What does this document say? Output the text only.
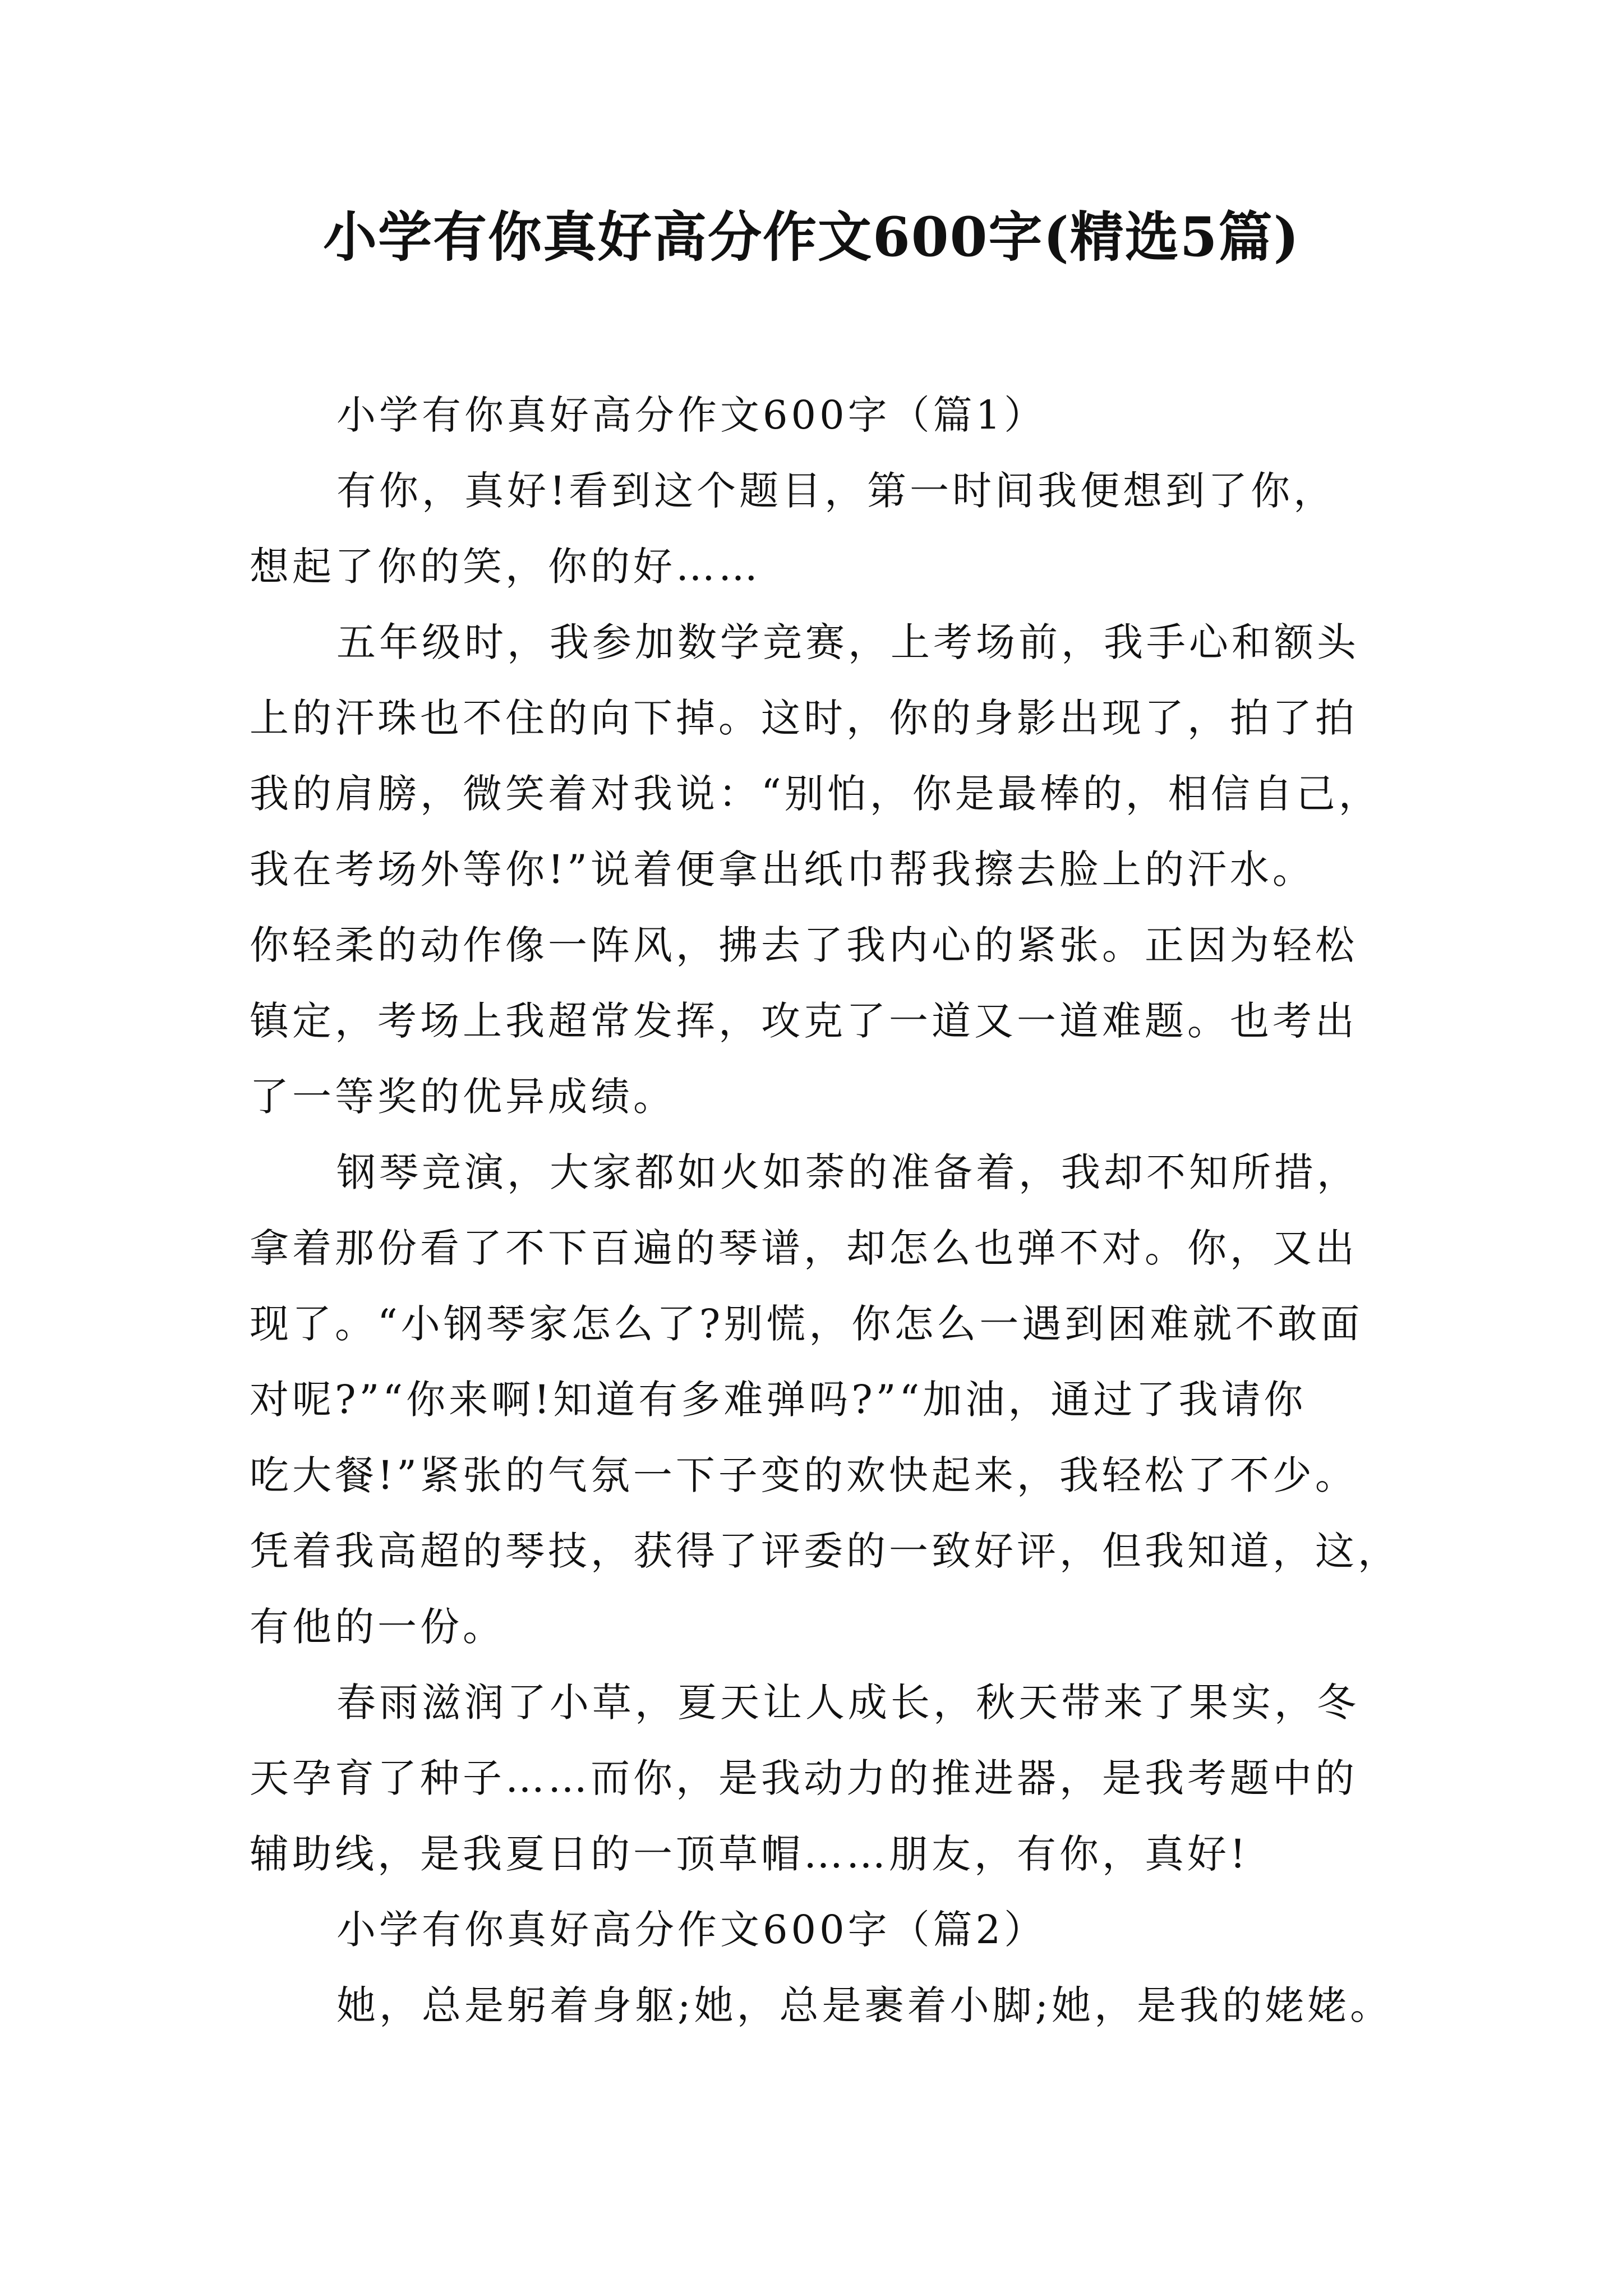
小学有你真好高分作文600字(精选5篇)
小学有你真好高分作文600字（篇1）
有你，真好!看到这个题目，第一时间我便想到了你，
想起了你的笑，你的好……
五年级时，我参加数学竞赛，上考场前，我手心和额头
上的汗珠也不住的向下掉。这时，你的身影出现了，拍了拍
我的肩膀，微笑着对我说：“别怕，你是最棒的，相信自己，
我在考场外等你!”说着便拿出纸巾帮我擦去脸上的汗水。
你轻柔的动作像一阵风，拂去了我内心的紧张。正因为轻松
镇定，考场上我超常发挥，攻克了一道又一道难题。也考出
了一等奖的优异成绩。
钢琴竞演，大家都如火如荼的准备着，我却不知所措，
拿着那份看了不下百遍的琴谱，却怎么也弹不对。你，又出
现了。“小钢琴家怎么了?别慌，你怎么一遇到困难就不敢面
对呢?”“你来啊!知道有多难弹吗?”“加油，通过了我请你
吃大餐!”紧张的气氛一下子变的欢快起来，我轻松了不少。
凭着我高超的琴技，获得了评委的一致好评，但我知道，这，
有他的一份。
春雨滋润了小草，夏天让人成长，秋天带来了果实，冬
天孕育了种子……而你，是我动力的推进器，是我考题中的
辅助线，是我夏日的一顶草帽……朋友，有你，真好!
小学有你真好高分作文600字（篇2）
她，总是躬着身躯;她，总是裹着小脚;她，是我的姥姥。
